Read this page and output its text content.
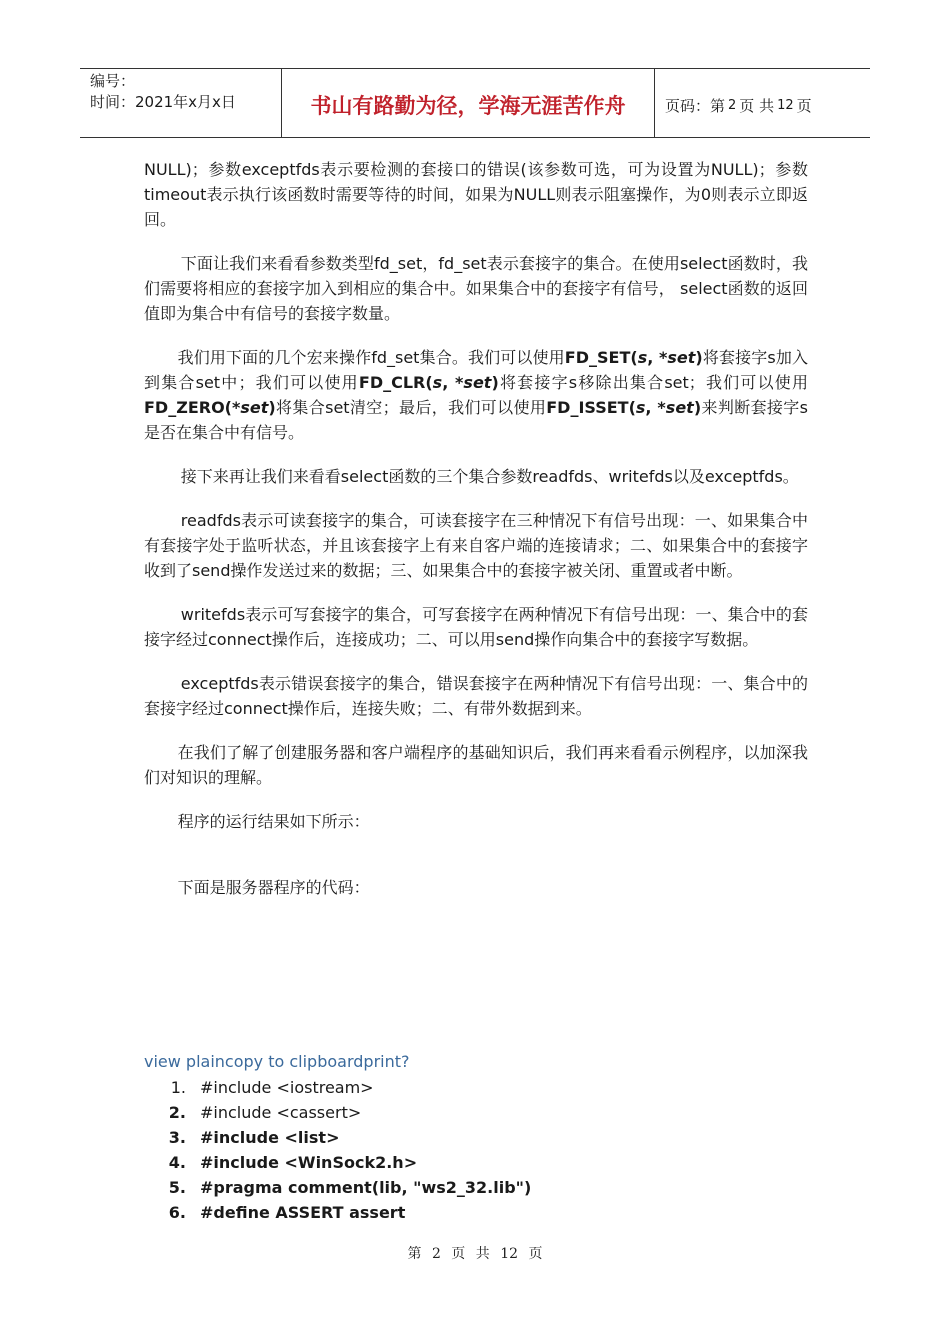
编号：
时间：2021年x月x日	书山有路勤为径，学海无涯苦作舟	页码：第 2 页 共 12 页

NULL)；参数exceptfds表示要检测的套接口的错误(该参数可选，可为设置为NULL)；参数timeout表示执行该函数时需要等待的时间，如果为NULL则表示阻塞操作，为0则表示立即返回。

下面让我们来看看参数类型fd_set，fd_set表示套接字的集合。在使用select函数时，我们需要将相应的套接字加入到相应的集合中。如果集合中的套接字有信号， select函数的返回值即为集合中有信号的套接字数量。

我们用下面的几个宏来操作fd_set集合。我们可以使用FD_SET(s, *set)将套接字s加入到集合set中；我们可以使用FD_CLR(s, *set)将套接字s移除出集合set；我们可以使用FD_ZERO(*set)将集合set清空；最后，我们可以使用FD_ISSET(s, *set)来判断套接字s是否在集合中有信号。

接下来再让我们来看看select函数的三个集合参数readfds、writefds以及exceptfds。

readfds表示可读套接字的集合，可读套接字在三种情况下有信号出现：一、如果集合中有套接字处于监听状态，并且该套接字上有来自客户端的连接请求；二、如果集合中的套接字收到了send操作发送过来的数据；三、如果集合中的套接字被关闭、重置或者中断。

writefds表示可写套接字的集合，可写套接字在两种情况下有信号出现：一、集合中的套接字经过connect操作后，连接成功；二、可以用send操作向集合中的套接字写数据。

exceptfds表示错误套接字的集合，错误套接字在两种情况下有信号出现：一、集合中的套接字经过connect操作后，连接失败；二、有带外数据到来。

在我们了解了创建服务器和客户端程序的基础知识后，我们再来看看示例程序，以加深我们对知识的理解。

程序的运行结果如下所示：

下面是服务器程序的代码：

view plaincopy to clipboardprint?
1. #include <iostream>
2. #include <cassert>
3. #include <list>
4. #include <WinSock2.h>
5. #pragma comment(lib, "ws2_32.lib")
6. #define ASSERT assert
第 2 页 共 12 页
